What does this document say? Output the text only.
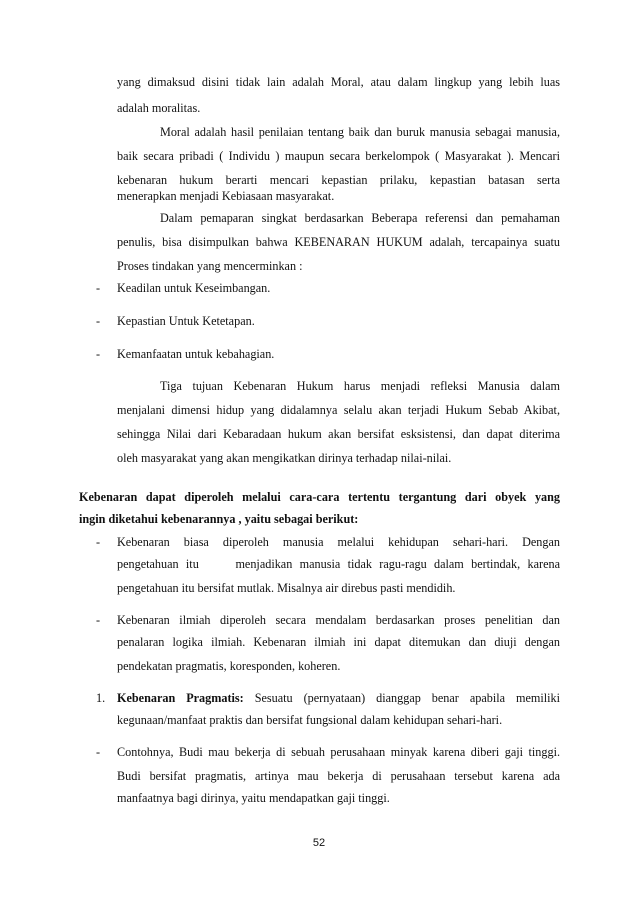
yang dimaksud disini tidak lain adalah Moral, atau dalam lingkup yang lebih luas
adalah moralitas.
Moral adalah hasil penilaian tentang baik dan buruk manusia sebagai manusia,
baik secara pribadi ( Individu ) maupun secara berkelompok ( Masyarakat ). Mencari
kebenaran hukum berarti mencari kepastian prilaku, kepastian batasan serta
menerapkan menjadi Kebiasaan masyarakat.
Dalam pemaparan singkat berdasarkan Beberapa referensi dan pemahaman
penulis, bisa disimpulkan bahwa KEBENARAN HUKUM adalah, tercapainya suatu
Proses tindakan yang mencerminkan :
- Keadilan untuk Keseimbangan.
- Kepastian Untuk Ketetapan.
- Kemanfaatan untuk kebahagian.
Tiga tujuan Kebenaran Hukum harus menjadi refleksi Manusia dalam
menjalani dimensi hidup yang didalamnya selalu akan terjadi Hukum Sebab Akibat,
sehingga Nilai dari Kebaradaan hukum akan bersifat esksistensi, dan dapat diterima
oleh masyarakat yang akan mengikatkan dirinya terhadap nilai-nilai.
Kebenaran dapat diperoleh melalui cara-cara tertentu tergantung dari obyek yang
ingin diketahui kebenarannya , yaitu sebagai berikut:
- Kebenaran biasa diperoleh manusia melalui kehidupan sehari-hari. Dengan
pengetahuan itu     menjadikan manusia tidak ragu-ragu dalam bertindak, karena
pengetahuan itu bersifat mutlak. Misalnya air direbus pasti mendidih.
- Kebenaran ilmiah diperoleh secara mendalam berdasarkan proses penelitian dan
penalaran logika ilmiah. Kebenaran ilmiah ini dapat ditemukan dan diuji dengan
pendekatan pragmatis, koresponden, koheren.
1. Kebenaran Pragmatis: Sesuatu (pernyataan) dianggap benar apabila memiliki
kegunaan/manfaat praktis dan bersifat fungsional dalam kehidupan sehari-hari.
- Contohnya, Budi mau bekerja di sebuah perusahaan minyak karena diberi gaji tinggi.
Budi bersifat pragmatis, artinya mau bekerja di perusahaan tersebut karena ada
manfaatnya bagi dirinya, yaitu mendapatkan gaji tinggi.
52
